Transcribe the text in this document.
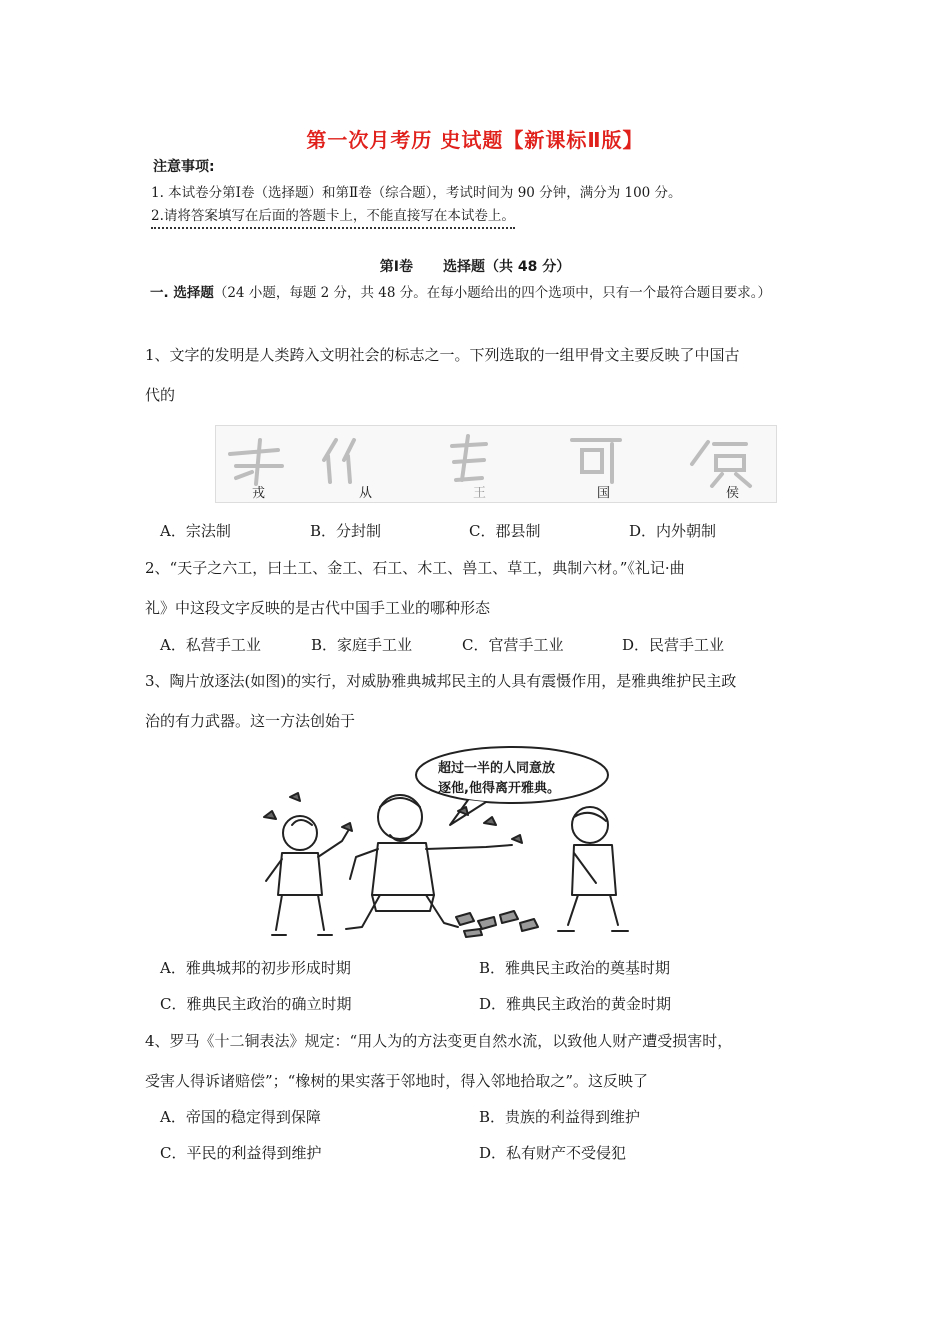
第一次月考历 史试题【新课标Ⅱ版】
注意事项:
1. 本试卷分第Ⅰ卷（选择题）和第Ⅱ卷（综合题），考试时间为 90 分钟，满分为 100 分。
2.请将答案填写在后面的答题卡上，不能直接写在本试卷上。
第Ⅰ卷 选择题（共 48 分）
一. 选择题（24 小题，每题 2 分，共 48 分。在每小题给出的四个选项中，只有一个最符合题目要求。）
1、文字的发明是人类跨入文明社会的标志之一。下列选取的一组甲骨文主要反映了中国古
代的
戎	从	王	国	侯
A．宗法制	B．分封制	C．郡县制	D．内外朝制
2、“天子之六工，曰土工、金工、石工、木工、兽工、草工，典制六材。”《礼记·曲
礼》中这段文字反映的是古代中国手工业的哪种形态
A．私营手工业	B．家庭手工业	C．官营手工业	D．民营手工业
3、陶片放逐法(如图)的实行，对威胁雅典城邦民主的人具有震慑作用，是雅典维护民主政
治的有力武器。这一方法创始于
超过一半的人同意放
逐他,他得离开雅典。
A．雅典城邦的初步形成时期	B．雅典民主政治的奠基时期
C．雅典民主政治的确立时期	D．雅典民主政治的黄金时期
4、罗马《十二铜表法》规定：“用人为的方法变更自然水流，以致他人财产遭受损害时，
受害人得诉诸赔偿”；“橡树的果实落于邻地时，得入邻地拾取之”。这反映了
A．帝国的稳定得到保障	B．贵族的利益得到维护
C．平民的利益得到维护	D．私有财产不受侵犯
